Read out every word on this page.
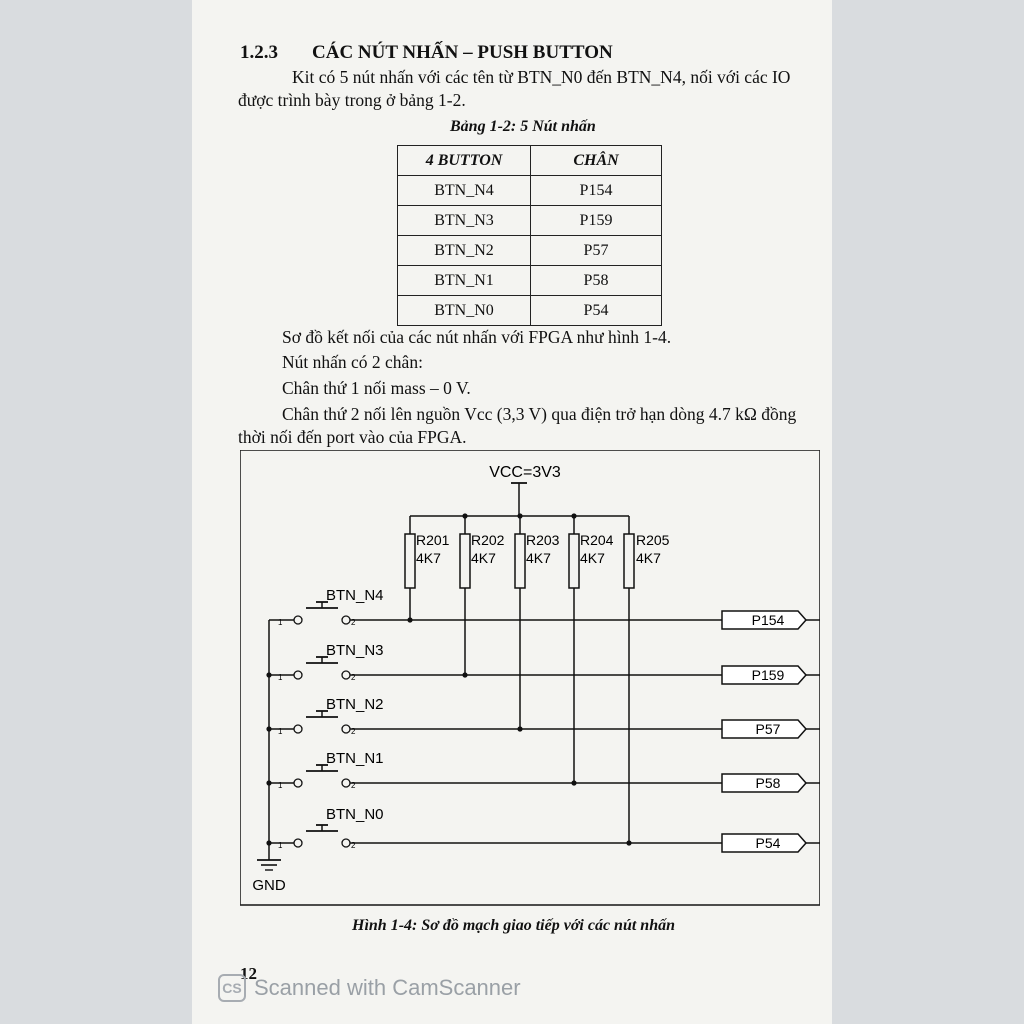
1.2.3 CÁC NÚT NHẤN – PUSH BUTTON
Kit có 5 nút nhấn với các tên từ BTN_N0 đến BTN_N4, nối với các IO
được trình bày trong ở bảng 1-2.
Bảng 1-2: 5 Nút nhấn
4 BUTTON	CHÂN
BTN_N4	P154
BTN_N3	P159
BTN_N2	P57
BTN_N1	P58
BTN_N0	P54
Sơ đồ kết nối của các nút nhấn với FPGA như hình 1-4.
Nút nhấn có 2 chân:
Chân thứ 1 nối mass – 0 V.
Chân thứ 2 nối lên nguồn Vcc (3,3 V) qua điện trở hạn dòng 4.7 kΩ đồng
thời nối đến port vào của FPGA.
VCC=3V3
R201
4K7
R202
4K7
R203
4K7
R204
4K7
R205
4K7
BTN_N4
BTN_N3
BTN_N2
BTN_N1
BTN_N0
1	2
1	2
1	2
1	2
1	2
P154
P159
P57
P58
P54
GND
Hình 1-4: Sơ đồ mạch giao tiếp với các nút nhấn
12
CS Scanned with CamScanner
